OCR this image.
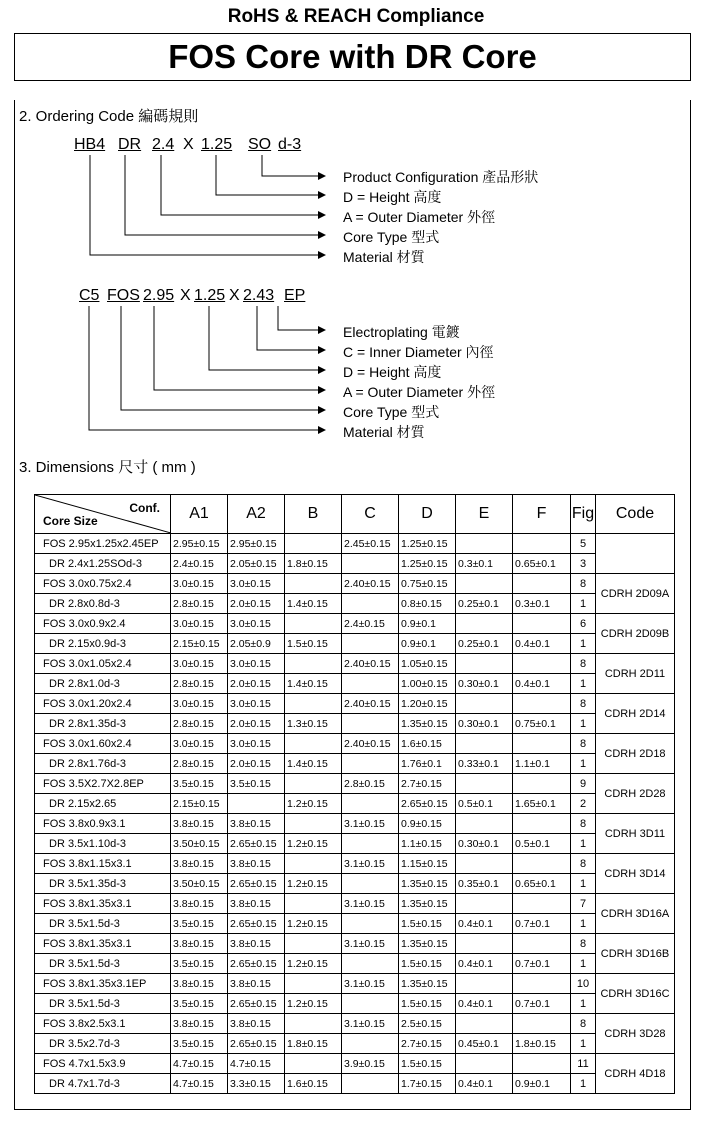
RoHS & REACH Compliance
FOS Core with DR Core
2. Ordering Code 編碼規則
HB4 DR 2.4 X 1.25 SO d-3
Product Configuration 產品形狀
D = Height 高度
A = Outer Diameter 外徑
Core Type 型式
Material 材質
C5 FOS 2.95 X 1.25 X 2.43 EP
Electroplating 電鍍
C = Inner Diameter 內徑
D = Height 高度
A = Outer Diameter 外徑
Core Type 型式
Material 材質
3. Dimensions 尺寸 ( mm )
Conf.
Core Size	A1	A2	B	C	D	E	F	Fig	Code
FOS 2.95x1.25x2.45EP	2.95±0.15	2.95±0.15		2.45±0.15	1.25±0.15			5	
DR 2.4x1.25SOd-3	2.4±0.15	2.05±0.15	1.8±0.15		1.25±0.15	0.3±0.1	0.65±0.1	3	
FOS 3.0x0.75x2.4	3.0±0.15	3.0±0.15		2.40±0.15	0.75±0.15			8	CDRH 2D09A
DR 2.8x0.8d-3	2.8±0.15	2.0±0.15	1.4±0.15		0.8±0.15	0.25±0.1	0.3±0.1	1	
FOS 3.0x0.9x2.4	3.0±0.15	3.0±0.15		2.4±0.15	0.9±0.1			6	CDRH 2D09B
DR 2.15x0.9d-3	2.15±0.15	2.05±0.9	1.5±0.15		0.9±0.1	0.25±0.1	0.4±0.1	1	
FOS 3.0x1.05x2.4	3.0±0.15	3.0±0.15		2.40±0.15	1.05±0.15			8	CDRH 2D11
DR 2.8x1.0d-3	2.8±0.15	2.0±0.15	1.4±0.15		1.00±0.15	0.30±0.1	0.4±0.1	1	
FOS 3.0x1.20x2.4	3.0±0.15	3.0±0.15		2.40±0.15	1.20±0.15			8	CDRH 2D14
DR 2.8x1.35d-3	2.8±0.15	2.0±0.15	1.3±0.15		1.35±0.15	0.30±0.1	0.75±0.1	1	
FOS 3.0x1.60x2.4	3.0±0.15	3.0±0.15		2.40±0.15	1.6±0.15			8	CDRH 2D18
DR 2.8x1.76d-3	2.8±0.15	2.0±0.15	1.4±0.15		1.76±0.1	0.33±0.1	1.1±0.1	1	
FOS 3.5X2.7X2.8EP	3.5±0.15	3.5±0.15		2.8±0.15	2.7±0.15			9	CDRH 2D28
DR 2.15x2.65	2.15±0.15		1.2±0.15		2.65±0.15	0.5±0.1	1.65±0.1	2	
FOS 3.8x0.9x3.1	3.8±0.15	3.8±0.15		3.1±0.15	0.9±0.15			8	CDRH 3D11
DR 3.5x1.10d-3	3.50±0.15	2.65±0.15	1.2±0.15		1.1±0.15	0.30±0.1	0.5±0.1	1	
FOS 3.8x1.15x3.1	3.8±0.15	3.8±0.15		3.1±0.15	1.15±0.15			8	CDRH 3D14
DR 3.5x1.35d-3	3.50±0.15	2.65±0.15	1.2±0.15		1.35±0.15	0.35±0.1	0.65±0.1	1	
FOS 3.8x1.35x3.1	3.8±0.15	3.8±0.15		3.1±0.15	1.35±0.15			7	CDRH 3D16A
DR 3.5x1.5d-3	3.5±0.15	2.65±0.15	1.2±0.15		1.5±0.15	0.4±0.1	0.7±0.1	1	
FOS 3.8x1.35x3.1	3.8±0.15	3.8±0.15		3.1±0.15	1.35±0.15			8	CDRH 3D16B
DR 3.5x1.5d-3	3.5±0.15	2.65±0.15	1.2±0.15		1.5±0.15	0.4±0.1	0.7±0.1	1	
FOS 3.8x1.35x3.1EP	3.8±0.15	3.8±0.15		3.1±0.15	1.35±0.15			10	CDRH 3D16C
DR 3.5x1.5d-3	3.5±0.15	2.65±0.15	1.2±0.15		1.5±0.15	0.4±0.1	0.7±0.1	1	
FOS 3.8x2.5x3.1	3.8±0.15	3.8±0.15		3.1±0.15	2.5±0.15			8	CDRH 3D28
DR 3.5x2.7d-3	3.5±0.15	2.65±0.15	1.8±0.15		2.7±0.15	0.45±0.1	1.8±0.15	1	
FOS 4.7x1.5x3.9	4.7±0.15	4.7±0.15		3.9±0.15	1.5±0.15			11	CDRH 4D18
DR 4.7x1.7d-3	4.7±0.15	3.3±0.15	1.6±0.15		1.7±0.15	0.4±0.1	0.9±0.1	1	
